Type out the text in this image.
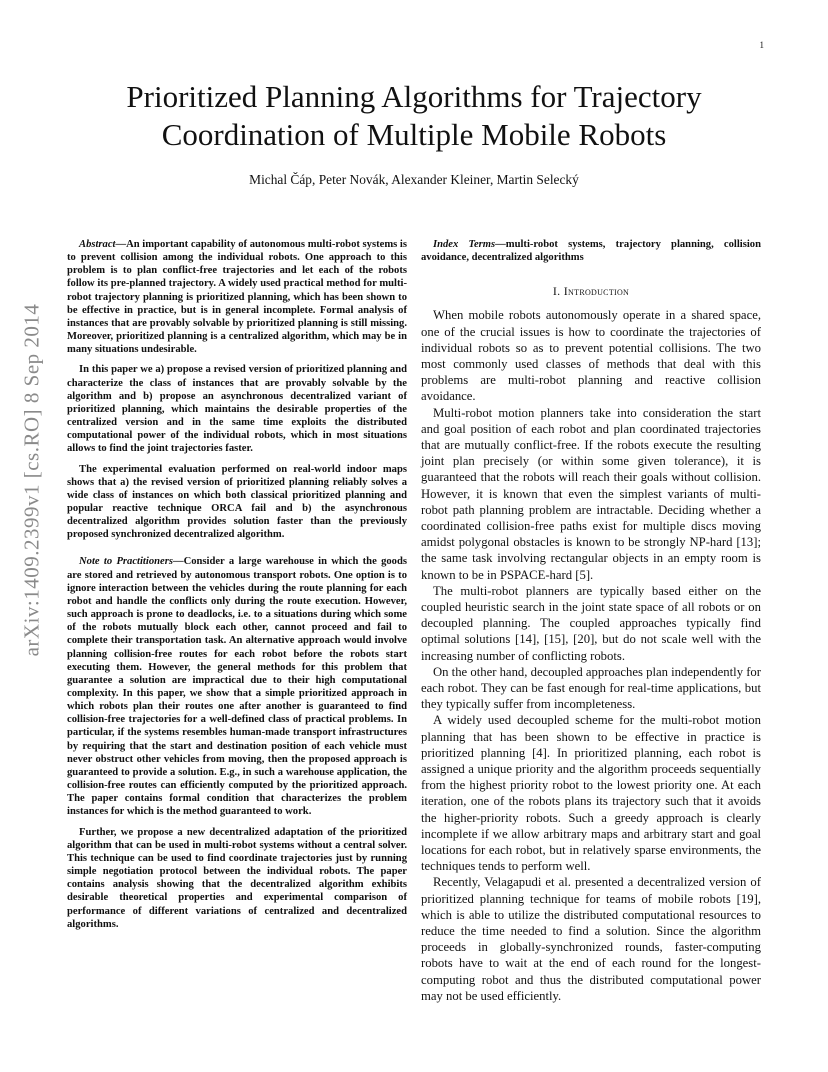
1
arXiv:1409.2399v1 [cs.RO] 8 Sep 2014
Prioritized Planning Algorithms for Trajectory
Coordination of Multiple Mobile Robots
Michal Čáp, Peter Novák, Alexander Kleiner, Martin Selecký

Abstract—An important capability of autonomous multi-robot systems is to prevent collision among the individual robots. One approach to this problem is to plan conflict-free trajectories and let each of the robots follow its pre-planned trajectory. A widely used practical method for multi-robot trajectory planning is prioritized planning, which has been shown to be effective in practice, but is in general incomplete. Formal analysis of instances that are provably solvable by prioritized planning is still missing. Moreover, prioritized planning is a centralized algorithm, which may be in many situations undesirable.

In this paper we a) propose a revised version of prioritized planning and characterize the class of instances that are provably solvable by the algorithm and b) propose an asynchronous decentralized variant of prioritized planning, which maintains the desirable properties of the centralized version and in the same time exploits the distributed computational power of the individual robots, which in most situations allows to find the joint trajectories faster.

The experimental evaluation performed on real-world indoor maps shows that a) the revised version of prioritized planning reliably solves a wide class of instances on which both classical prioritized planning and popular reactive technique ORCA fail and b) the asynchronous decentralized algorithm provides solution faster than the previously proposed synchronized decentralized algorithm.

Note to Practitioners—Consider a large warehouse in which the goods are stored and retrieved by autonomous transport robots. One option is to ignore interaction between the vehicles during the route planning for each robot and handle the conflicts only during the route execution. However, such approach is prone to deadlocks, i.e. to a situations during which some of the robots mutually block each other, cannot proceed and fail to complete their transportation task. An alternative approach would involve planning collision-free routes for each robot before the robots start executing them. However, the general methods for this problem that guarantee a solution are impractical due to their high computational complexity. In this paper, we show that a simple prioritized approach in which robots plan their routes one after another is guaranteed to find collision-free trajectories for a well-defined class of practical problems. In particular, if the systems resembles human-made transport infrastructures by requiring that the start and destination position of each vehicle must never obstruct other vehicles from moving, then the proposed approach is guaranteed to provide a solution. E.g., in such a warehouse application, the collision-free routes can efficiently computed by the prioritized approach. The paper contains formal condition that characterizes the problem instances for which is the method guaranteed to work.

Further, we propose a new decentralized adaptation of the prioritized algorithm that can be used in multi-robot systems without a central solver. This technique can be used to find coordinate trajectories just by running simple negotiation protocol between the individual robots. The paper contains analysis showing that the decentralized algorithm exhibits desirable theoretical properties and experimental comparison of performance of different variations of centralized and decentralized algorithms.

Index Terms—multi-robot systems, trajectory planning, collision avoidance, decentralized algorithms

I. Introduction

When mobile robots autonomously operate in a shared space, one of the crucial issues is how to coordinate the trajectories of individual robots so as to prevent potential collisions. The two most commonly used classes of methods that deal with this problems are multi-robot planning and reactive collision avoidance.

Multi-robot motion planners take into consideration the start and goal position of each robot and plan coordinated trajectories that are mutually conflict-free. If the robots execute the resulting joint plan precisely (or within some given tolerance), it is guaranteed that the robots will reach their goals without collision. However, it is known that even the simplest variants of multi-robot path planning problem are intractable. Deciding whether a coordinated collision-free paths exist for multiple discs moving amidst polygonal obstacles is known to be strongly NP-hard [13]; the same task involving rectangular objects in an empty room is known to be in PSPACE-hard [5].

The multi-robot planners are typically based either on the coupled heuristic search in the joint state space of all robots or on decoupled planning. The coupled approaches typically find optimal solutions [14], [15], [20], but do not scale well with the increasing number of conflicting robots.

On the other hand, decoupled approaches plan independently for each robot. They can be fast enough for real-time applications, but they typically suffer from incompleteness.

A widely used decoupled scheme for the multi-robot motion planning that has been shown to be effective in practice is prioritized planning [4]. In prioritized planning, each robot is assigned a unique priority and the algorithm proceeds sequentially from the highest priority robot to the lowest priority one. At each iteration, one of the robots plans its trajectory such that it avoids the higher-priority robots. Such a greedy approach is clearly incomplete if we allow arbitrary maps and arbitrary start and goal locations for each robot, but in relatively sparse environments, the techniques tends to perform well.

Recently, Velagapudi et al. presented a decentralized version of prioritized planning technique for teams of mobile robots [19], which is able to utilize the distributed computational resources to reduce the time needed to find a solution. Since the algorithm proceeds in globally-synchronized rounds, faster-computing robots have to wait at the end of each round for the longest-computing robot and thus the distributed computational power may not be used efficiently.
